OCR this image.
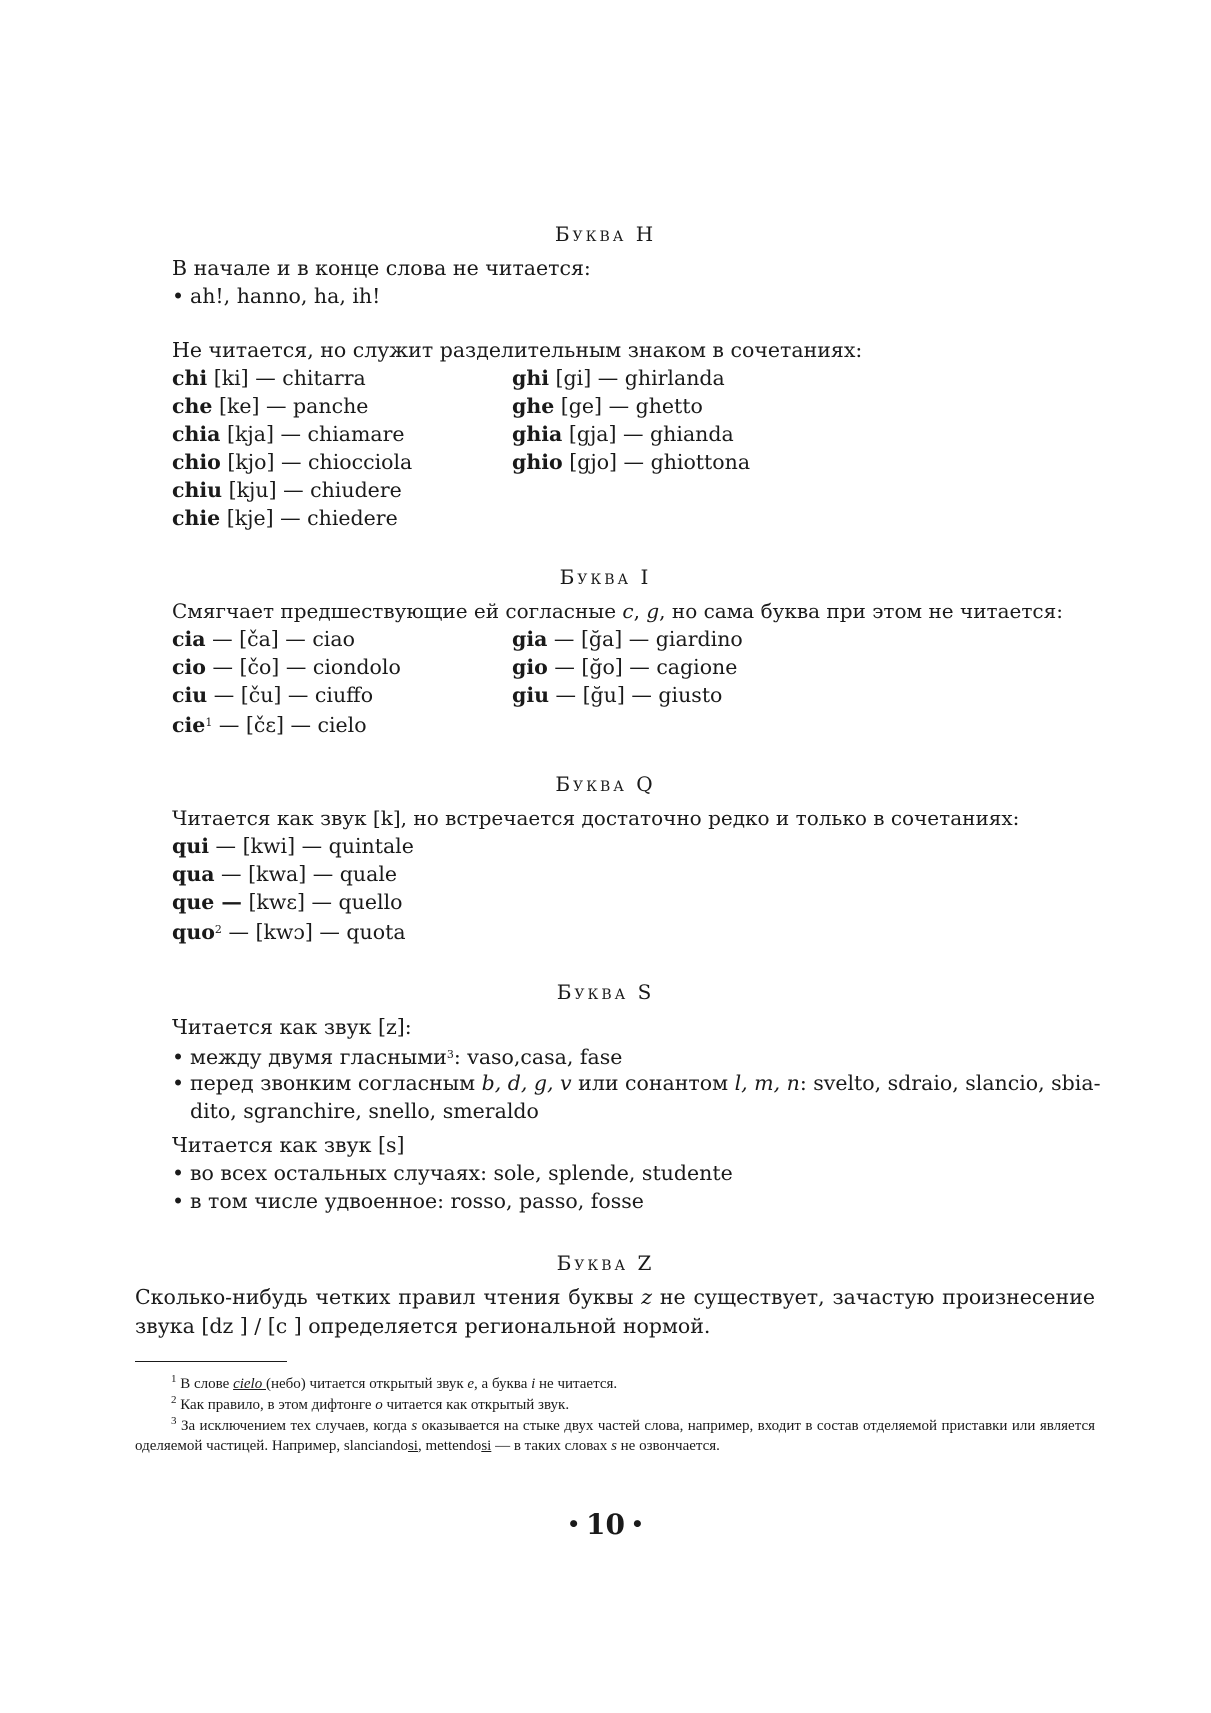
Буква H
В начале и в конце слова не читается:
• ah!, hanno, ha, ih!
Не читается, но служит разделительным знаком в сочетаниях:
chi [ki] — chitarra
che [ke] — panche
chia [kja] — chiamare
chio [kjo] — chiocciola
chiu [kju] — chiudere
chie [kje] — chiedere
ghi [gi] — ghirlanda
ghe [ge] — ghetto
ghia [gja] — ghianda
ghio [gjo] — ghiottona
Буква I
Смягчает предшествующие ей согласные c, g, но сама буква при этом не читается:
cia — [ča] — ciao
cio — [čo] — ciondolo
ciu — [ču] — ciuffo
cie$^1$ — [čε] — cielo
gia — [ğa] — giardino
gio — [ğo] — cagione
giu — [ğu] — giusto
Буква Q
Читается как звук [k], но встречается достаточно редко и только в сочетаниях:
qui — [kwi] — quintale
qua — [kwa] — quale
que — [kwε] — quello
quo$^2$ — [kwɔ] — quota
Буква S
Читается как звук [z]:
• между двумя гласными$^3$: vaso,casa, fase
• перед звонким согласным b, d, g, v или сонантом l, m, n: svelto, sdraio, slancio, sbia-
dito, sgranchire, snello, smeraldo
Читается как звук [s]
• во всех остальных случаях: sole, splende, studente
• в том числе удвоенное: rosso, passo, fosse
Буква Z
Сколько-нибудь четких правил чтения буквы z не существует, зачастую произнесение звука [dz ] / [c ] определяется региональной нормой.
$^1$ В слове cielo (небо) читается открытый звук e, а буква i не читается.
$^2$ Как правило, в этом дифтонге o читается как открытый звук.
$^3$ За исключением тех случаев, когда s оказывается на стыке двух частей слова, например, входит в состав отделяемой приставки или является оделяемой частицей. Например, slanciandosi, mettendosi — в таких словах s не озвончается.
• 10 •
